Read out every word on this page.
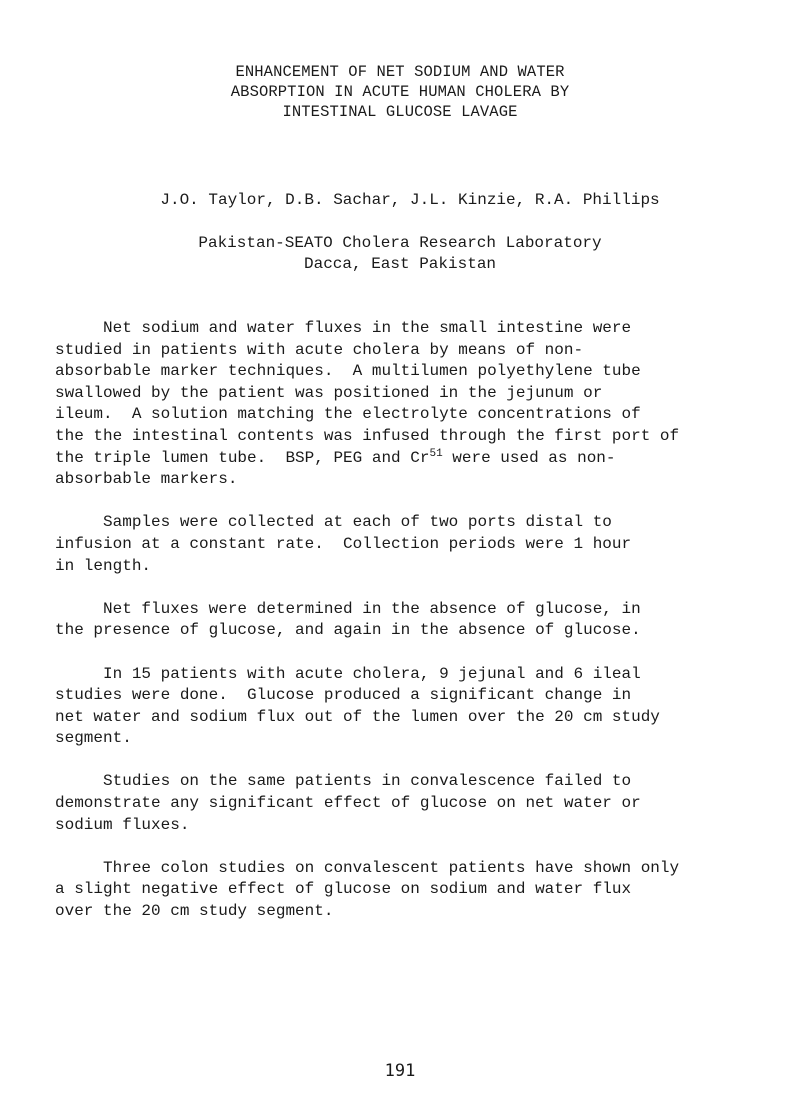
ENHANCEMENT OF NET SODIUM AND WATER
ABSORPTION IN ACUTE HUMAN CHOLERA BY
INTESTINAL GLUCOSE LAVAGE
J.O. Taylor, D.B. Sachar, J.L. Kinzie, R.A. Phillips
Pakistan-SEATO Cholera Research Laboratory
Dacca, East Pakistan
Net sodium and water fluxes in the small intestine were
studied in patients with acute cholera by means of non-
absorbable marker techniques.  A multilumen polyethylene tube
swallowed by the patient was positioned in the jejunum or
ileum.  A solution matching the electrolyte concentrations of
the the intestinal contents was infused through the first port of
the triple lumen tube.  BSP, PEG and Cr$^{51}$ were used as non-
absorbable markers.
Samples were collected at each of two ports distal to
infusion at a constant rate.  Collection periods were 1 hour
in length.
Net fluxes were determined in the absence of glucose, in
the presence of glucose, and again in the absence of glucose.
In 15 patients with acute cholera, 9 jejunal and 6 ileal
studies were done.  Glucose produced a significant change in
net water and sodium flux out of the lumen over the 20 cm study
segment.
Studies on the same patients in convalescence failed to
demonstrate any significant effect of glucose on net water or
sodium fluxes.
Three colon studies on convalescent patients have shown only
a slight negative effect of glucose on sodium and water flux
over the 20 cm study segment.
191
